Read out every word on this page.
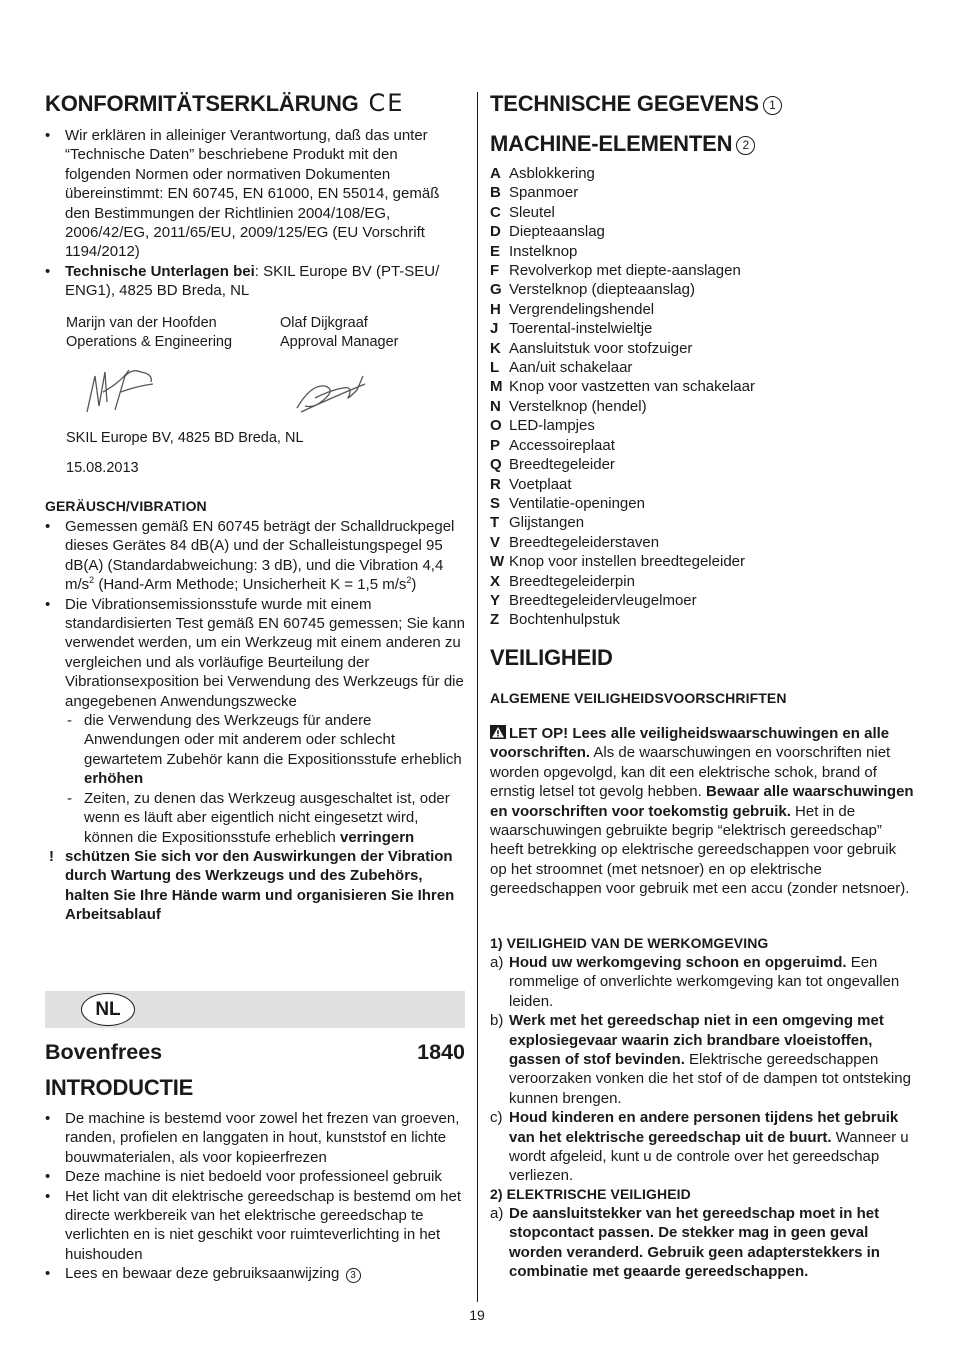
KONFORMITÄTSERKLÄRUNG CE
• Wir erklären in alleiniger Verantwortung, daß das unter “Technische Daten” beschriebene Produkt mit den folgenden Normen oder normativen Dokumenten übereinstimmt: EN 60745, EN 61000, EN 55014, gemäß den Bestimmungen der Richtlinien 2004/108/EG, 2006/42/EG, 2011/65/EU, 2009/125/EG (EU Vorschrift 1194/2012)
• Technische Unterlagen bei: SKIL Europe BV (PT-SEU/ ENG1), 4825 BD Breda, NL
Marijn van der Hoofden
Operations & Engineering
Olaf Dijkgraaf
Approval Manager
SKIL Europe BV, 4825 BD Breda, NL
15.08.2013
GERÄUSCH/VIBRATION
• Gemessen gemäß EN 60745 beträgt der Schalldruckpegel dieses Gerätes 84 dB(A) und der Schalleistungspegel 95 dB(A) (Standardabweichung: 3 dB), und die Vibration 4,4 $m/s^2$ (Hand-Arm Methode; Unsicherheit K = 1,5 $m/s^2$)
• Die Vibrationsemissionsstufe wurde mit einem standardisierten Test gemäß EN 60745 gemessen; Sie kann verwendet werden, um ein Werkzeug mit einem anderen zu vergleichen und als vorläufige Beurteilung der Vibrationsexposition bei Verwendung des Werkzeugs für die angegebenen Anwendungszwecke
- die Verwendung des Werkzeugs für andere Anwendungen oder mit anderem oder schlecht gewartetem Zubehör kann die Expositionsstufe erheblich erhöhen
- Zeiten, zu denen das Werkzeug ausgeschaltet ist, oder wenn es läuft aber eigentlich nicht eingesetzt wird, können die Expositionsstufe erheblich verringern
! schützen Sie sich vor den Auswirkungen der Vibration durch Wartung des Werkzeugs und des Zubehörs, halten Sie Ihre Hände warm und organisieren Sie Ihren Arbeitsablauf
Bovenfrees	1840
INTRODUCTIE
• De machine is bestemd voor zowel het frezen van groeven, randen, profielen en langgaten in hout, kunststof en lichte bouwmaterialen, als voor kopieerfrezen
• Deze machine is niet bedoeld voor professioneel gebruik
• Het licht van dit elektrische gereedschap is bestemd om het directe werkbereik van het elektrische gereedschap te verlichten en is niet geschikt voor ruimteverlichting in het huishouden
• Lees en bewaar deze gebruiksaanwijzing 3
NL
TECHNISCHE GEGEVENS 1
MACHINE-ELEMENTEN 2
A Asblokkering
B Spanmoer
C Sleutel
D Diepteaanslag
E Instelknop
F Revolverkop met diepte-aanslagen
G Verstelknop (diepteaanslag)
H Vergrendelingshendel
J Toerental-instelwieltje
K Aansluitstuk voor stofzuiger
L Aan/uit schakelaar
M Knop voor vastzetten van schakelaar
N Verstelknop (hendel)
O LED-lampjes
P Accessoireplaat
Q Breedtegeleider
R Voetplaat
S Ventilatie-openingen
T Glijstangen
V Breedtegeleiderstaven
W Knop voor instellen breedtegeleider
X Breedtegeleiderpin
Y Breedtegeleidervleugelmoer
Z Bochtenhulpstuk
VEILIGHEID
ALGEMENE VEILIGHEIDSVOORSCHRIFTEN
LET OP! Lees alle veiligheidswaarschuwingen en alle voorschriften. Als de waarschuwingen en voorschriften niet worden opgevolgd, kan dit een elektrische schok, brand of ernstig letsel tot gevolg hebben. Bewaar alle waarschuwingen en voorschriften voor toekomstig gebruik. Het in de waarschuwingen gebruikte begrip “elektrisch gereedschap” heeft betrekking op elektrische gereedschappen voor gebruik op het stroomnet (met netsnoer) en op elektrische gereedschappen voor gebruik met een accu (zonder netsnoer).
1) VEILIGHEID VAN DE WERKOMGEVING
a) Houd uw werkomgeving schoon en opgeruimd. Een rommelige of onverlichte werkomgeving kan tot ongevallen leiden.
b) Werk met het gereedschap niet in een omgeving met explosiegevaar waarin zich brandbare vloeistoffen, gassen of stof bevinden. Elektrische gereedschappen veroorzaken vonken die het stof of de dampen tot ontsteking kunnen brengen.
c) Houd kinderen en andere personen tijdens het gebruik van het elektrische gereedschap uit de buurt. Wanneer u wordt afgeleid, kunt u de controle over het gereedschap verliezen.
2) ELEKTRISCHE VEILIGHEID
a) De aansluitstekker van het gereedschap moet in het stopcontact passen. De stekker mag in geen geval worden veranderd. Gebruik geen adapterstekkers in combinatie met geaarde gereedschappen.
19
